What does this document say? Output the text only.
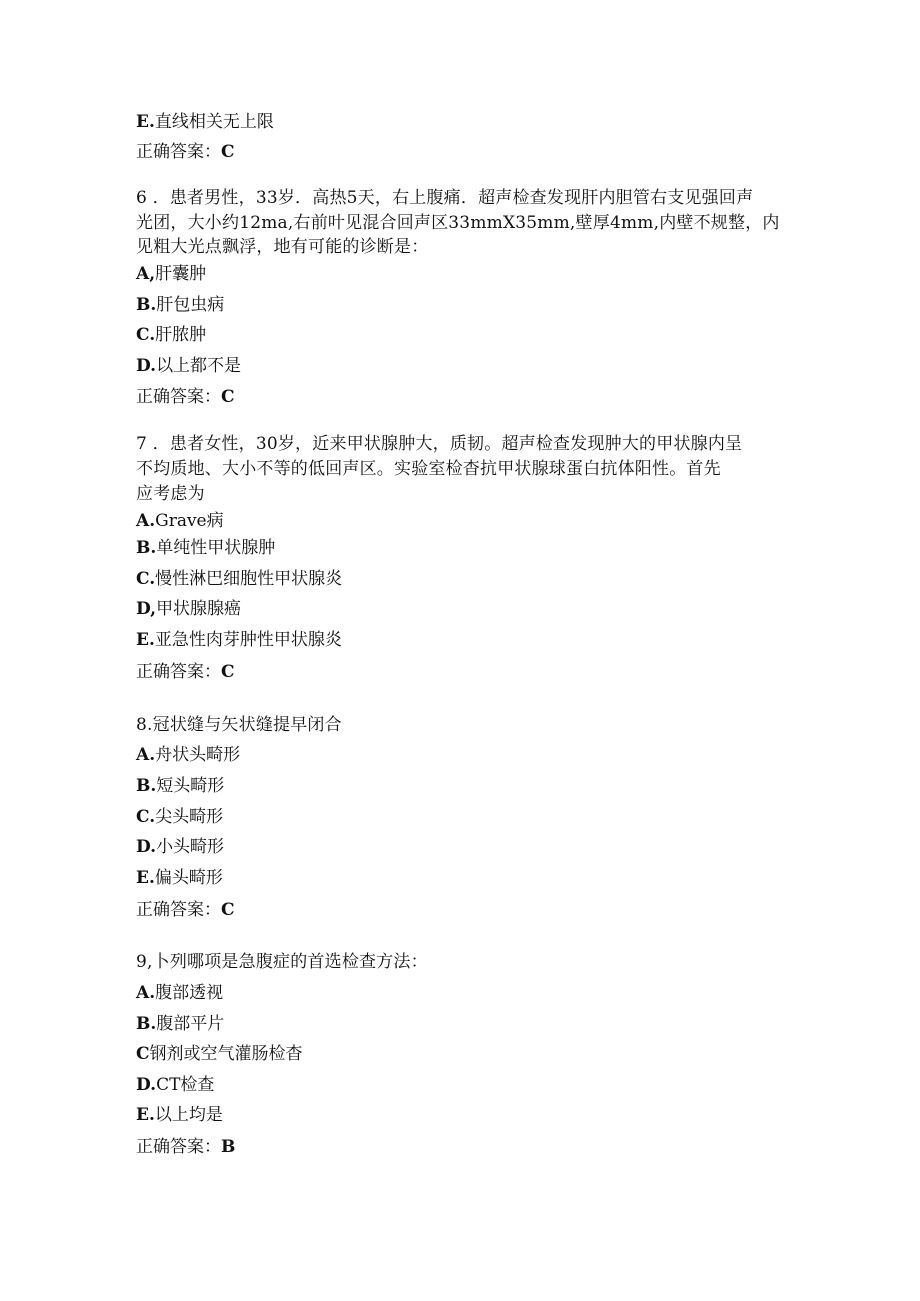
E.直线相关无上限
正确答案：C
6 ．患者男性，33岁．高热5天，右上腹痛．超声检查发现肝内胆管右支见强回声
光团，大小约12ma,右前叶见混合回声区33mmX35mm,壁厚4mm,内壁不规整，内
见粗大光点飘浮，地有可能的诊断是：
A,肝囊肿
B.肝包虫病
C.肝脓肿
D.以上都不是
正确答案：C
7 ．患者女性，30岁，近来甲状腺肿大，质韧。超声检查发现肿大的甲状腺内呈
不均质地、大小不等的低回声区。实验室检杳抗甲状腺球蛋白抗体阳性。首先
应考虑为
A.Grave病
B.单纯性甲状腺肿
C.慢性淋巴细胞性甲状腺炎
D,甲状腺腺癌
E.亚急性肉芽肿性甲状腺炎
正确答案：C
8.冠状缝与矢状缝提早闭合
A.舟状头畸形
B.短头畸形
C.尖头畸形
D.小头畸形
E.偏头畸形
正确答案：C
9,卜列哪项是急腹症的首选检查方法：
A.腹部透视
B.腹部平片
C钢剂或空气灌肠检杳
D.CT检查
E.以上均是
正确答案：B
